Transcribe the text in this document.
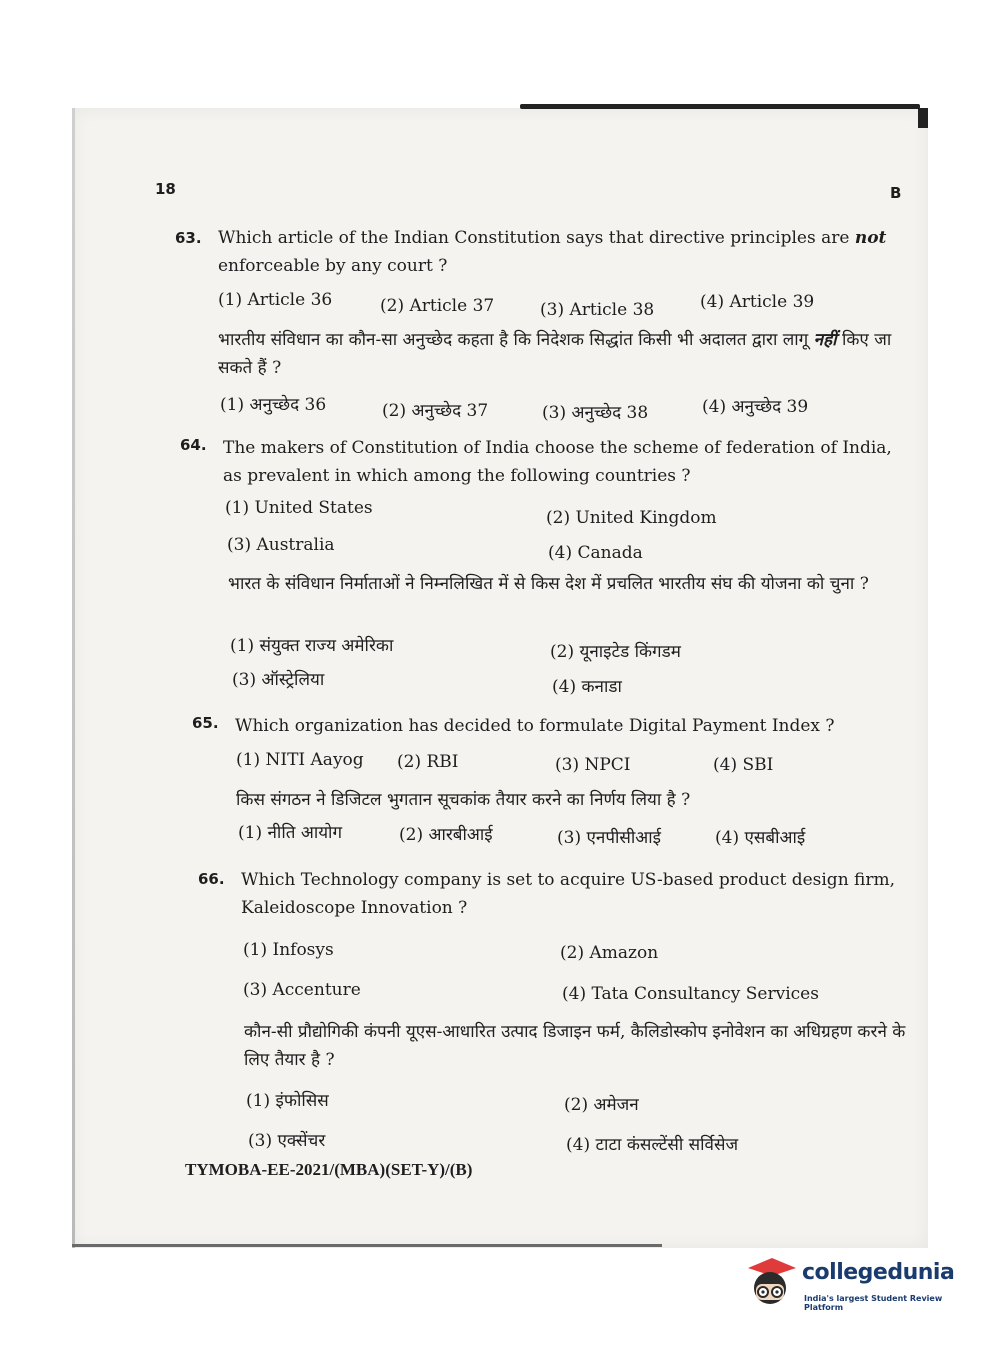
18	B
63. Which article of the Indian Constitution says that directive principles are not enforceable by any court ?
(1) Article 36	(2) Article 37	(3) Article 38	(4) Article 39
भारतीय संविधान का कौन-सा अनुच्छेद कहता है कि निदेशक सिद्धांत किसी भी अदालत द्वारा लागू नहीं किए जा सकते हैं ?
(1) अनुच्छेद 36	(2) अनुच्छेद 37	(3) अनुच्छेद 38	(4) अनुच्छेद 39
64. The makers of Constitution of India choose the scheme of federation of India, as prevalent in which among the following countries ?
(1) United States	(2) United Kingdom
(3) Australia	(4) Canada
भारत के संविधान निर्माताओं ने निम्नलिखित में से किस देश में प्रचलित भारतीय संघ की योजना को चुना ?
(1) संयुक्त राज्य अमेरिका	(2) यूनाइटेड किंगडम
(3) ऑस्ट्रेलिया	(4) कनाडा
65. Which organization has decided to formulate Digital Payment Index ?
(1) NITI Aayog (2) RBI	(3) NPCI	(4) SBI
किस संगठन ने डिजिटल भुगतान सूचकांक तैयार करने का निर्णय लिया है ?
(1) नीति आयोग	(2) आरबीआई	(3) एनपीसीआई	(4) एसबीआई
66. Which Technology company is set to acquire US-based product design firm, Kaleidoscope Innovation ?
(1) Infosys	(2) Amazon
(3) Accenture	(4) Tata Consultancy Services
कौन-सी प्रौद्योगिकी कंपनी यूएस-आधारित उत्पाद डिजाइन फर्म, कैलिडोस्कोप इनोवेशन का अधिग्रहण करने के लिए तैयार है ?
(1) इंफोसिस	(2) अमेजन
(3) एक्सेंचर	(4) टाटा कंसल्टेंसी सर्विसेज
TYMOBA-EE-2021/(MBA)(SET-Y)/(B)
collegedunia
India's largest Student Review Platform
